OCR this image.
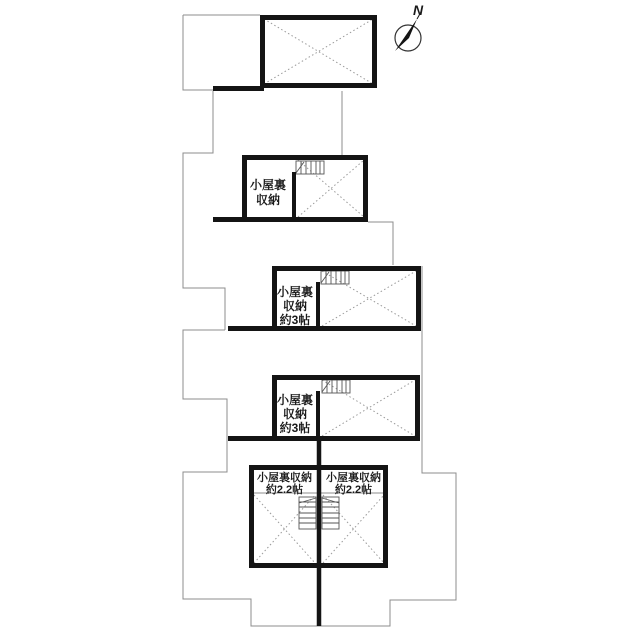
N
小屋裏
収納
小屋裏
収納
約3帖
小屋裏
収納
約3帖
小屋裏収納
約2.2帖
小屋裏収納
約2.2帖
